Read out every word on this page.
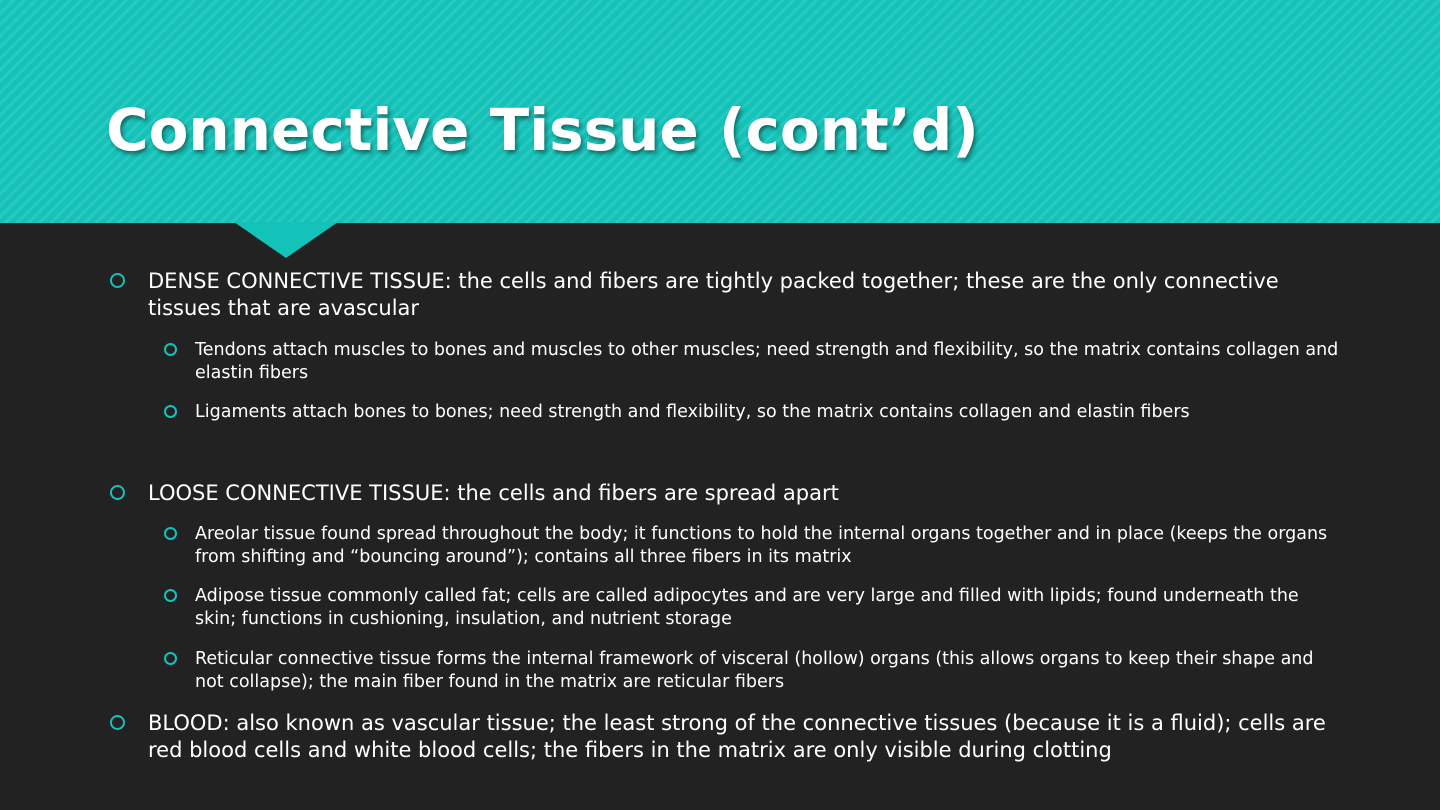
Connective Tissue (cont’d)
DENSE CONNECTIVE TISSUE: the cells and fibers are tightly packed together; these are the only connective tissues that are avascular
Tendons attach muscles to bones and muscles to other muscles; need strength and flexibility, so the matrix contains collagen and elastin fibers
Ligaments attach bones to bones; need strength and flexibility, so the matrix contains collagen and elastin fibers
LOOSE CONNECTIVE TISSUE: the cells and fibers are spread apart
Areolar tissue found spread throughout the body; it functions to hold the internal organs together and in place (keeps the organs from shifting and “bouncing around”); contains all three fibers in its matrix
Adipose tissue commonly called fat; cells are called adipocytes and are very large and filled with lipids; found underneath the skin; functions in cushioning, insulation, and nutrient storage
Reticular connective tissue forms the internal framework of visceral (hollow) organs (this allows organs to keep their shape and not collapse); the main fiber found in the matrix are reticular fibers
BLOOD: also known as vascular tissue; the least strong of the connective tissues (because it is a fluid); cells are red blood cells and white blood cells; the fibers in the matrix are only visible during clotting
